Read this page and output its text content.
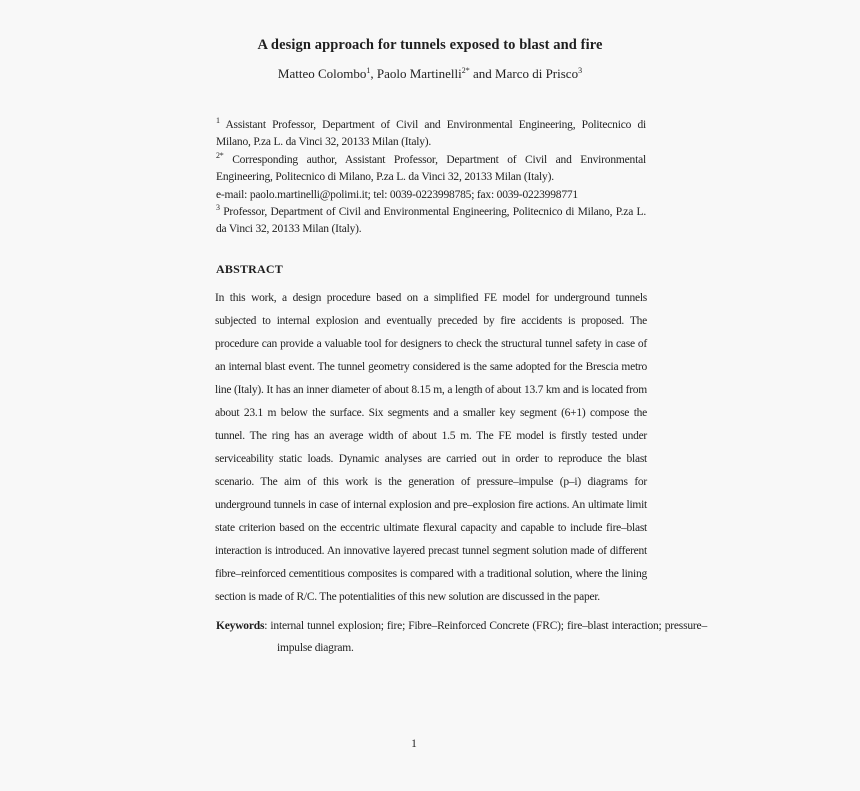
A design approach for tunnels exposed to blast and fire
Matteo Colombo$^1$, Paolo Martinelli$^{2*}$ and Marco di Prisco$^3$

$^1$ Assistant Professor, Department of Civil and Environmental Engineering, Politecnico di Milano, P.za L. da Vinci 32, 20133 Milan (Italy).

$^{2*}$ Corresponding author, Assistant Professor, Department of Civil and Environmental Engineering, Politecnico di Milano, P.za L. da Vinci 32, 20133 Milan (Italy).

e-mail: paolo.martinelli@polimi.it; tel: 0039-0223998785; fax: 0039-0223998771

$^3$ Professor, Department of Civil and Environmental Engineering, Politecnico di Milano, P.za L. da Vinci 32, 20133 Milan (Italy).

ABSTRACT
In this work, a design procedure based on a simplified FE model for underground tunnels subjected to internal explosion and eventually preceded by fire accidents is proposed. The procedure can provide a valuable tool for designers to check the structural tunnel safety in case of an internal blast event. The tunnel geometry considered is the same adopted for the Brescia metro line (Italy). It has an inner diameter of about 8.15 m, a length of about 13.7 km and is located from about 23.1 m below the surface. Six segments and a smaller key segment (6+1) compose the tunnel. The ring has an average width of about 1.5 m. The FE model is firstly tested under serviceability static loads. Dynamic analyses are carried out in order to reproduce the blast scenario. The aim of this work is the generation of pressure–impulse (p–i) diagrams for underground tunnels in case of internal explosion and pre–explosion fire actions. An ultimate limit state criterion based on the eccentric ultimate flexural capacity and capable to include fire–blast interaction is introduced. An innovative layered precast tunnel segment solution made of different fibre–reinforced cementitious composites is compared with a traditional solution, where the lining section is made of R/C. The potentialities of this new solution are discussed in the paper.
Keywords: internal tunnel explosion; fire; Fibre–Reinforced Concrete (FRC); fire–blast interaction; pressure–impulse diagram.
1
